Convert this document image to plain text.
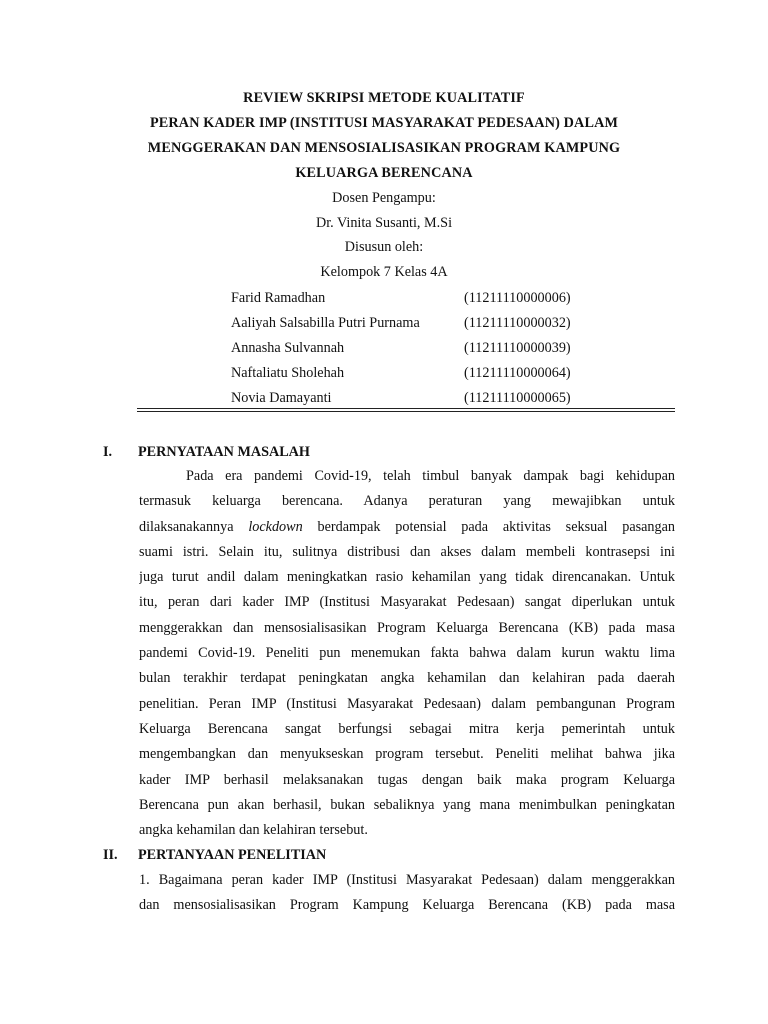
REVIEW SKRIPSI METODE KUALITATIF
PERAN KADER IMP (INSTITUSI MASYARAKAT PEDESAAN) DALAM
MENGGERAKAN DAN MENSOSIALISASIKAN PROGRAM KAMPUNG
KELUARGA BERENCANA
Dosen Pengampu:
Dr. Vinita Susanti, M.Si
Disusun oleh:
Kelompok 7 Kelas 4A
Farid Ramadhan	(11211110000006)
Aaliyah Salsabilla Putri Purnama	(11211110000032)
Annasha Sulvannah	(11211110000039)
Naftaliatu Sholehah	(11211110000064)
Novia Damayanti	(11211110000065)
I. PERNYATAAN MASALAH
Pada era pandemi Covid-19, telah timbul banyak dampak bagi kehidupan
termasuk keluarga berencana. Adanya peraturan yang mewajibkan untuk
dilaksanakannya lockdown berdampak potensial pada aktivitas seksual pasangan
suami istri. Selain itu, sulitnya distribusi dan akses dalam membeli kontrasepsi ini
juga turut andil dalam meningkatkan rasio kehamilan yang tidak direncanakan. Untuk
itu, peran dari kader IMP (Institusi Masyarakat Pedesaan) sangat diperlukan untuk
menggerakkan dan mensosialisasikan Program Keluarga Berencana (KB) pada masa
pandemi Covid-19. Peneliti pun menemukan fakta bahwa dalam kurun waktu lima
bulan terakhir terdapat peningkatan angka kehamilan dan kelahiran pada daerah
penelitian. Peran IMP (Institusi Masyarakat Pedesaan) dalam pembangunan Program
Keluarga Berencana sangat berfungsi sebagai mitra kerja pemerintah untuk
mengembangkan dan menyukseskan program tersebut. Peneliti melihat bahwa jika
kader IMP berhasil melaksanakan tugas dengan baik maka program Keluarga
Berencana pun akan berhasil, bukan sebaliknya yang mana menimbulkan peningkatan
angka kehamilan dan kelahiran tersebut.
II. PERTANYAAN PENELITIAN
1. Bagaimana peran kader IMP (Institusi Masyarakat Pedesaan) dalam menggerakkan
dan mensosialisasikan Program Kampung Keluarga Berencana (KB) pada masa
